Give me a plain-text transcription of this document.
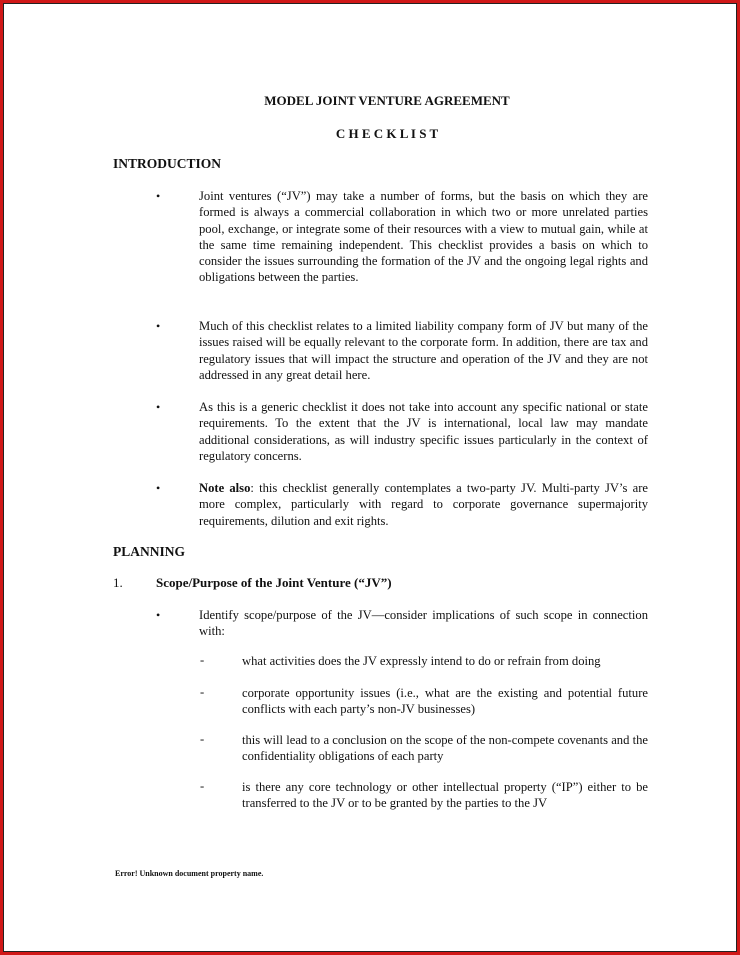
MODEL JOINT VENTURE AGREEMENT
C H E C K L I S T
INTRODUCTION
•	Joint ventures (“JV”) may take a number of forms, but the basis on which they are formed is always a commercial collaboration in which two or more unrelated parties pool, exchange, or integrate some of their resources with a view to mutual gain, while at the same time remaining independent. This checklist provides a basis on which to consider the issues surrounding the formation of the JV and the ongoing legal rights and obligations between the parties.
•	Much of this checklist relates to a limited liability company form of JV but many of the issues raised will be equally relevant to the corporate form. In addition, there are tax and regulatory issues that will impact the structure and operation of the JV and they are not addressed in any great detail here.
•	As this is a generic checklist it does not take into account any specific national or state requirements. To the extent that the JV is international, local law may mandate additional considerations, as will industry specific issues particularly in the context of regulatory concerns.
•	Note also: this checklist generally contemplates a two-party JV. Multi-party JV’s are more complex, particularly with regard to corporate governance supermajority requirements, dilution and exit rights.
PLANNING
1.	Scope/Purpose of the Joint Venture (“JV”)
•	Identify scope/purpose of the JV—consider implications of such scope in connection with:
-	what activities does the JV expressly intend to do or refrain from doing
-	corporate opportunity issues (i.e., what are the existing and potential future conflicts with each party’s non-JV businesses)
-	this will lead to a conclusion on the scope of the non-compete covenants and the confidentiality obligations of each party
-	is there any core technology or other intellectual property (“IP”) either to be transferred to the JV or to be granted by the parties to the JV
Error! Unknown document property name.
